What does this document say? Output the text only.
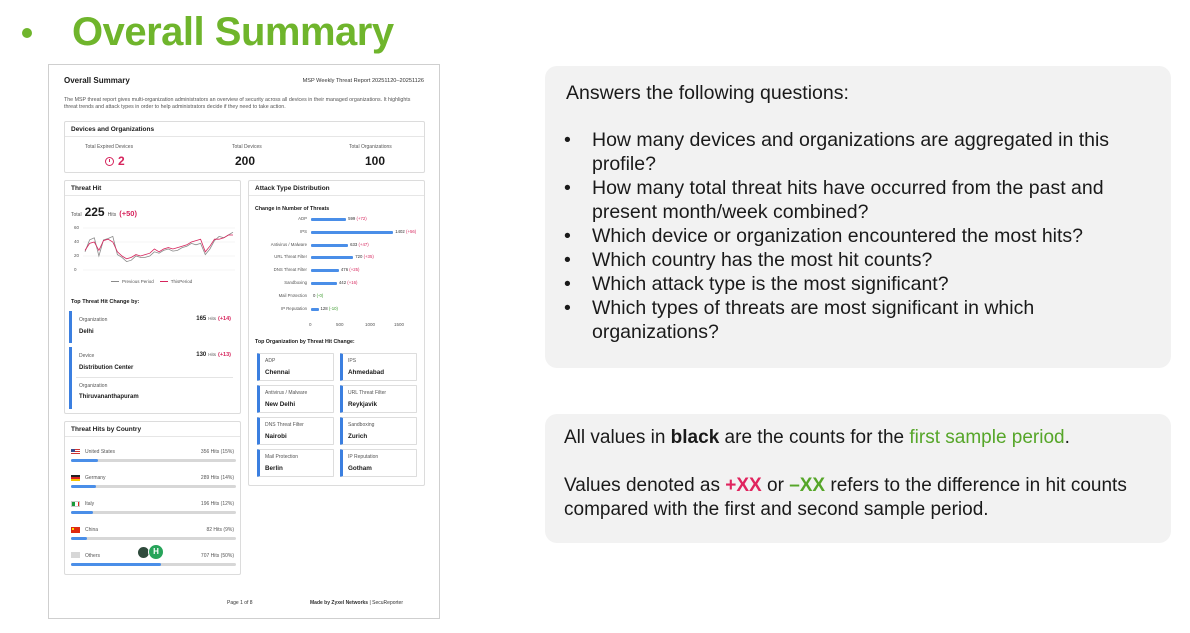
Overall Summary
Overall Summary	MSP Weekly Threat Report 20251120–20251126
The MSP threat report gives multi-organization administrators an overview of security across all devices in their managed organizations. It highlights threat trends and attack types in order to help administrators decide if they need to take action.
Devices and Organizations
Total Expired Devices
2
Total Devices
200
Total Organizations
100
Threat Hit
Total 225 Hits (+50)
60
40
20
0
Previous Period	ThisPeriod
Top Threat Hit Change by:
Organization
Delhi
165 Hits (+14)
Device
Distribution Center
130 Hits (+13)
Organization
Thiruvananthapuram
Threat Hits by Country
United States	356 Hits (15%)
Germany	289 Hits (14%)
Italy	196 Hits (12%)
China	82 Hits (9%)
Others	H	707 Hits (50%)
Attack Type Distribution
Change in Number of Threats
ADP	599 (+72)
IPS	1402 (+56)
Antivirus / Malware	633 (+47)
URL Threat Filter	720 (+35)
DNS Threat Filter	476 (+25)
Sandboxing	442 (+16)
Mail Protection 0 (-0)
IP Reputation	128 (-10)
0	500	1000	1500
Top Organization by Threat Hit Change:
ADP
Chennai
IPS
Ahmedabad
Antivirus / Malware
New Delhi
URL Threat Filter
Reykjavik
DNS Threat Filter
Nairobi
Sandboxing
Zurich
Mail Protection
Berlin
IP Reputation
Gotham
Page 1 of 8	Made by Zyxel Networks | SecuReporter
Answers the following questions:
• How many devices and organizations are aggregated in this profile?
• How many total threat hits have occurred from the past and present month/week combined?
• Which device or organization encountered the most hits?
• Which country has the most hit counts?
• Which attack type is the most significant?
• Which types of threats are most significant in which organizations?
All values in black are the counts for the first sample period.
Values denoted as +XX or –XX refers to the difference in hit counts compared with the first and second sample period.
